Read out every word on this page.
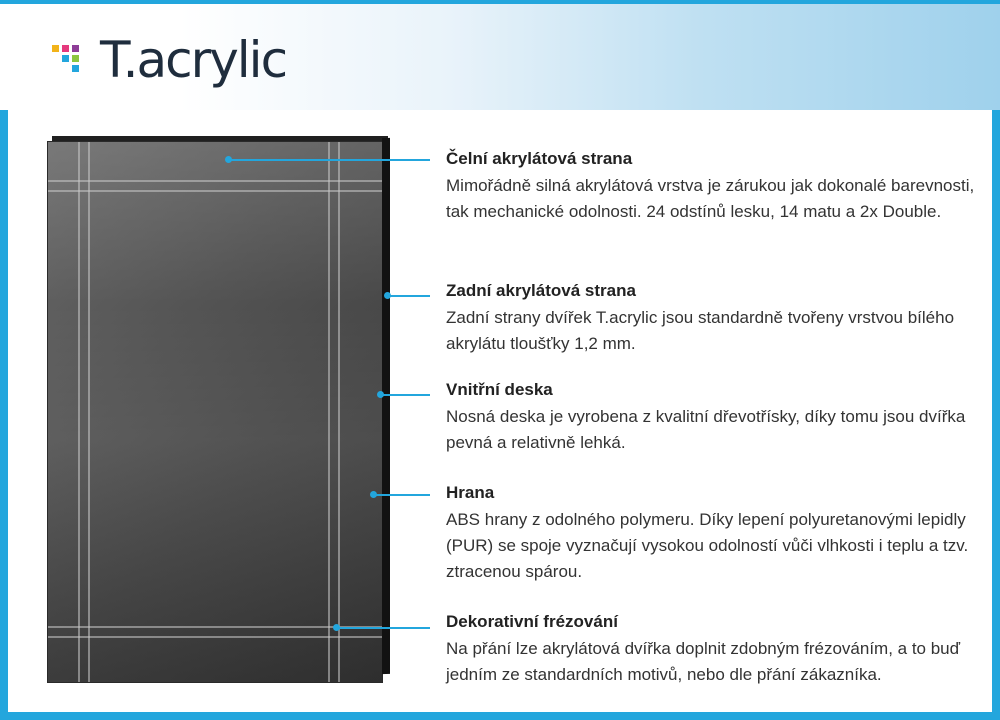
T.acrylic
Čelní akrylátová strana
Mimořádně silná akrylátová vrstva je zárukou jak dokonalé barevnosti, tak mechanické odolnosti. 24 odstínů lesku, 14 matu a 2x Double.
Zadní akrylátová strana
Zadní strany dvířek T.acrylic jsou standardně tvořeny vrstvou bílého akrylátu tloušťky 1,2 mm.
Vnitřní deska
Nosná deska je vyrobena z kvalitní dřevotřísky, díky tomu jsou dvířka pevná a relativně lehká.
Hrana
ABS hrany z odolného polymeru. Díky lepení polyuretanovými lepidly (PUR) se spoje vyznačují vysokou odolností vůči vlhkosti i teplu a tzv. ztracenou spárou.
Dekorativní frézování
Na přání lze akrylátová dvířka doplnit zdobným frézováním, a to buď jedním ze standardních motivů, nebo dle přání zákazníka.
